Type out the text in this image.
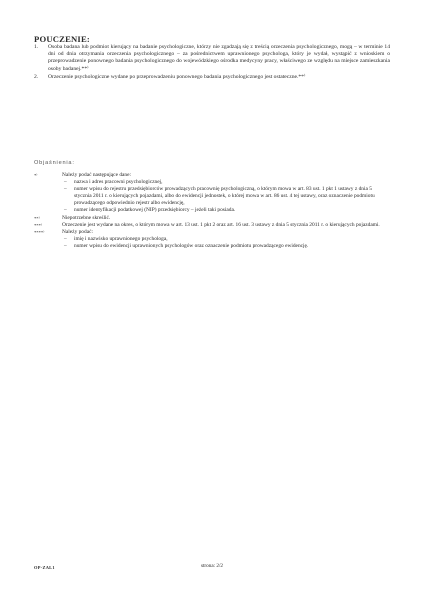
POUCZENIE:
1. Osoba badana lub podmiot kierujący na badanie psychologiczne, którzy nie zgadzają się z treścią orzeczenia psychologicznego, mogą – w terminie 14 dni od dnia otrzymania orzeczenia psychologicznego – za pośrednictwem uprawnionego psychologa, który je wydał, wystąpić z wnioskiem o przeprowadzenie ponownego badania psychologicznego do wojewódzkiego ośrodka medycyny pracy, właściwego ze względu na miejsce zamieszkania osoby badanej.**⁾
2. Orzeczenie psychologiczne wydane po przeprowadzeniu ponownego badania psychologicznego jest ostateczne.**⁾
Objaśnienia:
*⁾	Należy podać następujące dane:
– nazwa i adres pracowni psychologicznej,
– numer wpisu do rejestru przedsiębiorców prowadzących pracownię psychologiczną, o którym mowa w art. 83 ust. 1 pkt 1 ustawy z dnia 5 stycznia 2011 r. o kierujących pojazdami, albo do ewidencji jednostek, o której mowa w art. 86 ust. 4 tej ustawy, oraz oznaczenie podmiotu prowadzącego odpowiednio rejestr albo ewidencję,
– numer identyfikacji podatkowej (NIP) przedsiębiorcy – jeżeli taki posiada.
**⁾	Niepotrzebne skreślić.
***⁾	Orzeczenie jest wydane na okres, o którym mowa w art. 13 ust. 1 pkt 2 oraz art. 16 ust. 3 ustawy z dnia 5 stycznia 2011 r. o kierujących pojazdami.
****⁾	Należy podać:
– imię i nazwisko uprawnionego psychologa,
– numer wpisu do ewidencji uprawnionych psychologów oraz oznaczenie podmiotu prowadzącego ewidencję.
OP-ZAL1	strona: 2/2
